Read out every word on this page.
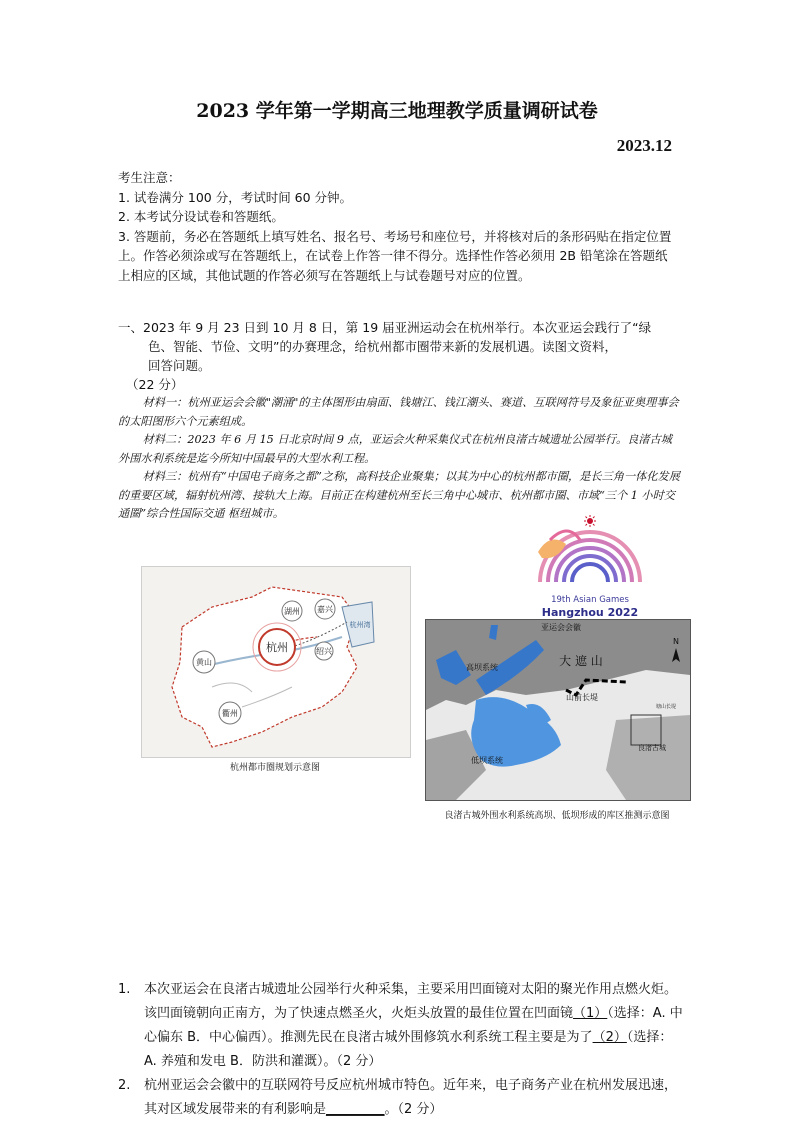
2023 学年第一学期高三地理教学质量调研试卷
2023.12
考生注意：
1. 试卷满分 100 分，考试时间 60 分钟。
2. 本考试分设试卷和答题纸。
3. 答题前，务必在答题纸上填写姓名、报名号、考场号和座位号，并将核对后的条形码贴在指定位置上。作答必须涂或写在答题纸上，在试卷上作答一律不得分。选择性作答必须用 2B 铅笔涂在答题纸上相应的区域，其他试题的作答必须写在答题纸上与试卷题号对应的位置。
一、2023 年 9 月 23 日到 10 月 8 日，第 19 届亚洲运动会在杭州举行。本次亚运会践行了“绿
色、智能、节俭、文明”的办赛理念，给杭州都市圈带来新的发展机遇。读图文资料，
回答问题。
（22 分）

材料一：杭州亚运会会徽"潮涌"的主体图形由扇面、钱塘江、钱江潮头、赛道、互联网符号及象征亚奥理事会的太阳图形六个元素组成。

材料二：2023 年 6 月 15 日北京时间 9 点，亚运会火种采集仪式在杭州良渚古城遗址公园举行。良渚古城外围水利系统是迄今所知中国最早的大型水利工程。

材料三：杭州有“中国电子商务之都”之称，高科技企业聚集；以其为中心的杭州都市圈，是长三角一体化发展的重要区域，辐射杭州湾、接轨大上海。目前正在构建杭州至长三角中心城市、杭州都市圈、市域“三个 1 小时交通圈”综合性国际交通 枢纽城市。

杭州
湖州 嘉兴
绍兴
黄山
衢州
杭州湾
杭州都市圈规划示意图
19th Asian Games
Hangzhou 2022
亚运会会徽
大 遮 山
高坝系统
低坝系统
山前长堤
良渚古城
塘山长堤
N
良渚古城外围水利系统高坝、低坝形成的库区推测示意图
1.	本次亚运会在良渚古城遗址公园举行火种采集，主要采用凹面镜对太阳的聚光作用点燃火炬。该凹面镜朝向正南方，为了快速点燃圣火，火炬头放置的最佳位置在凹面镜（1）（选择：A. 中心偏东 B．中心偏西）。推测先民在良渚古城外围修筑水利系统工程主要是为了（2）（选择：A. 养殖和发电 B．防洪和灌溉）。（2 分）
2.	杭州亚运会会徽中的互联网符号反应杭州城市特色。近年来，电子商务产业在杭州发展迅速，其对区域发展带来的有利影响是_________。（2 分）
